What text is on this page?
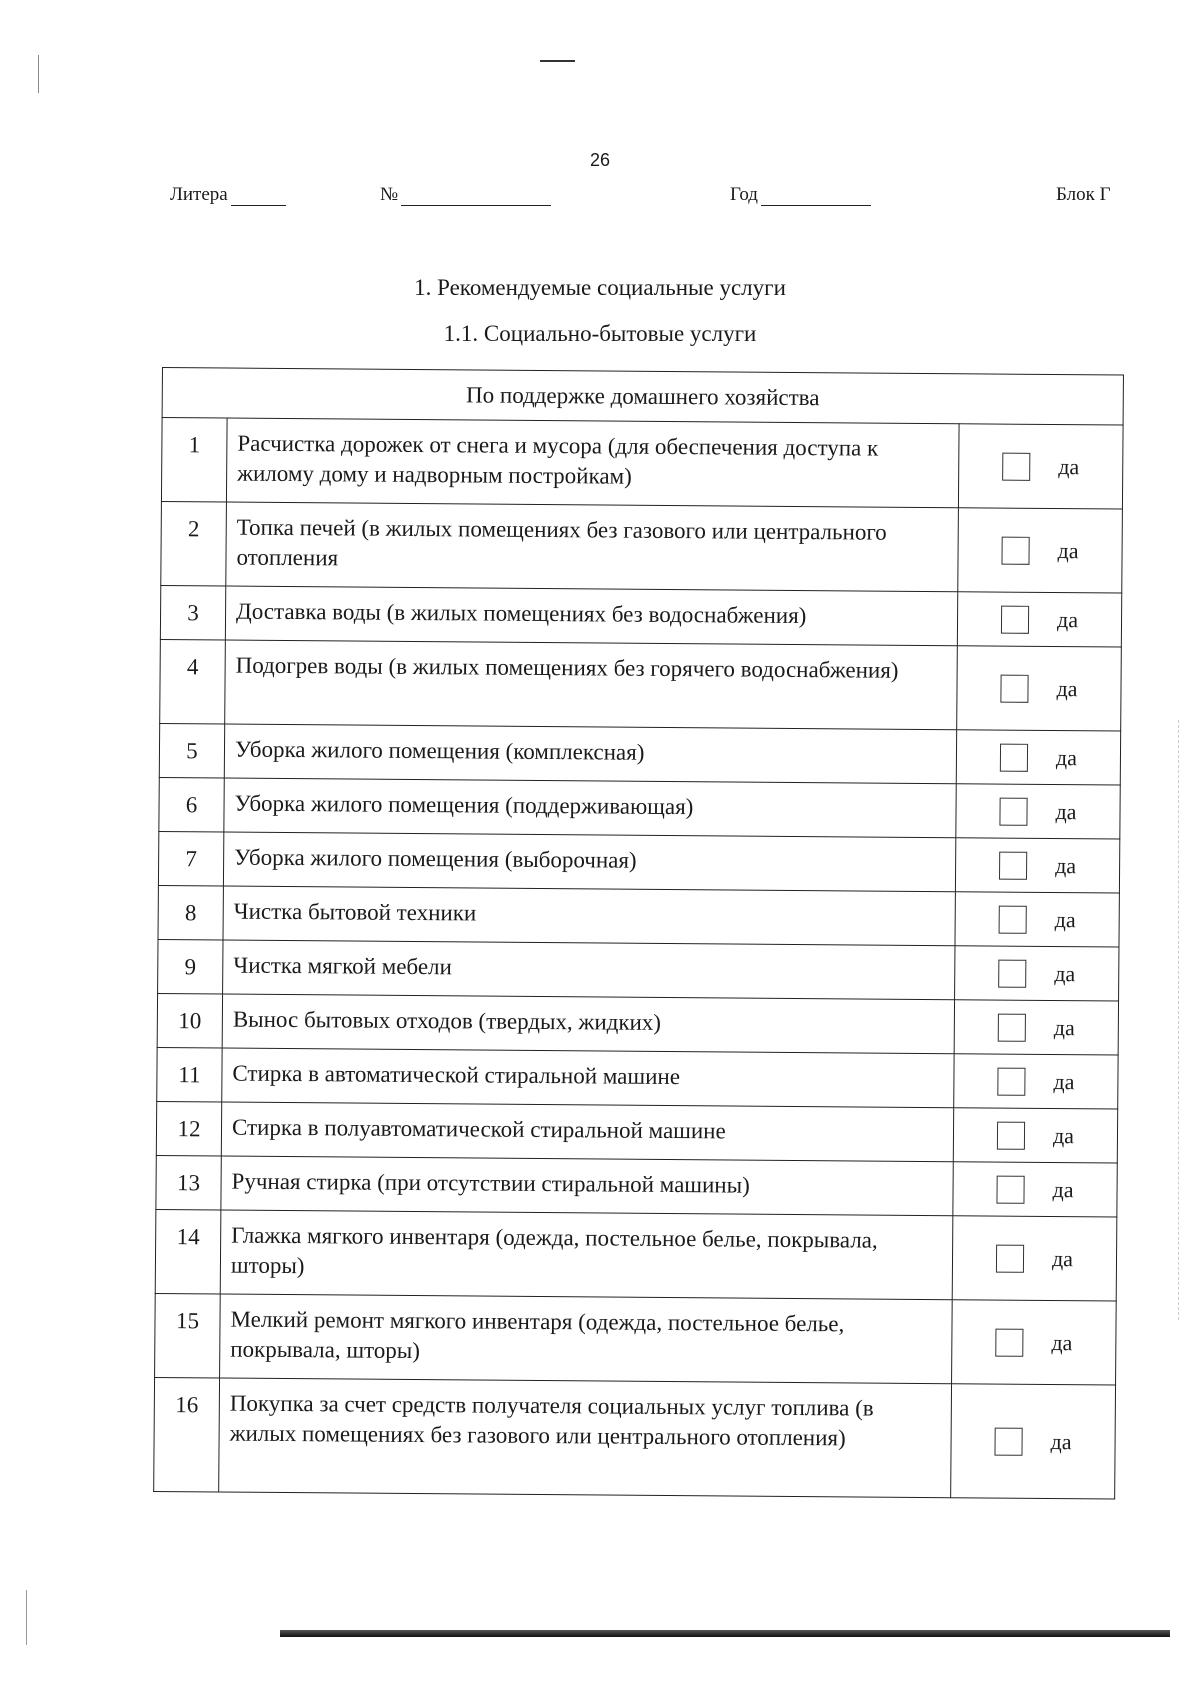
26
Литера	№	Год	Блок Г
1. Рекомендуемые социальные услуги
1.1. Социально-бытовые услуги
По поддержке домашнего хозяйства		
1	Расчистка дорожек от снега и мусора (для обеспечения доступа к жилому дому и надворным постройкам)	да

2	Топка печей (в жилых помещениях без газового или центрального отопления	да

3	Доставка воды (в жилых помещениях без водоснабжения)	да

4	Подогрев воды (в жилых помещениях без горячего водоснабжения)	да

5	Уборка жилого помещения (комплексная)	да

6	Уборка жилого помещения (поддерживающая)	да

7	Уборка жилого помещения (выборочная)	да

8	Чистка бытовой техники	да

9	Чистка мягкой мебели	да

10	Вынос бытовых отходов (твердых, жидких)	да

11	Стирка в автоматической стиральной машине	да

12	Стирка в полуавтоматической стиральной машине	да

13	Ручная стирка (при отсутствии стиральной машины)	да

14	Глажка мягкого инвентаря (одежда, постельное белье, покрывала, шторы)	да

15	Мелкий ремонт мягкого инвентаря (одежда, постельное белье, покрывала, шторы)	да

16	Покупка за счет средств получателя социальных услуг топлива (в жилых помещениях без газового или центрального отопления)	да
